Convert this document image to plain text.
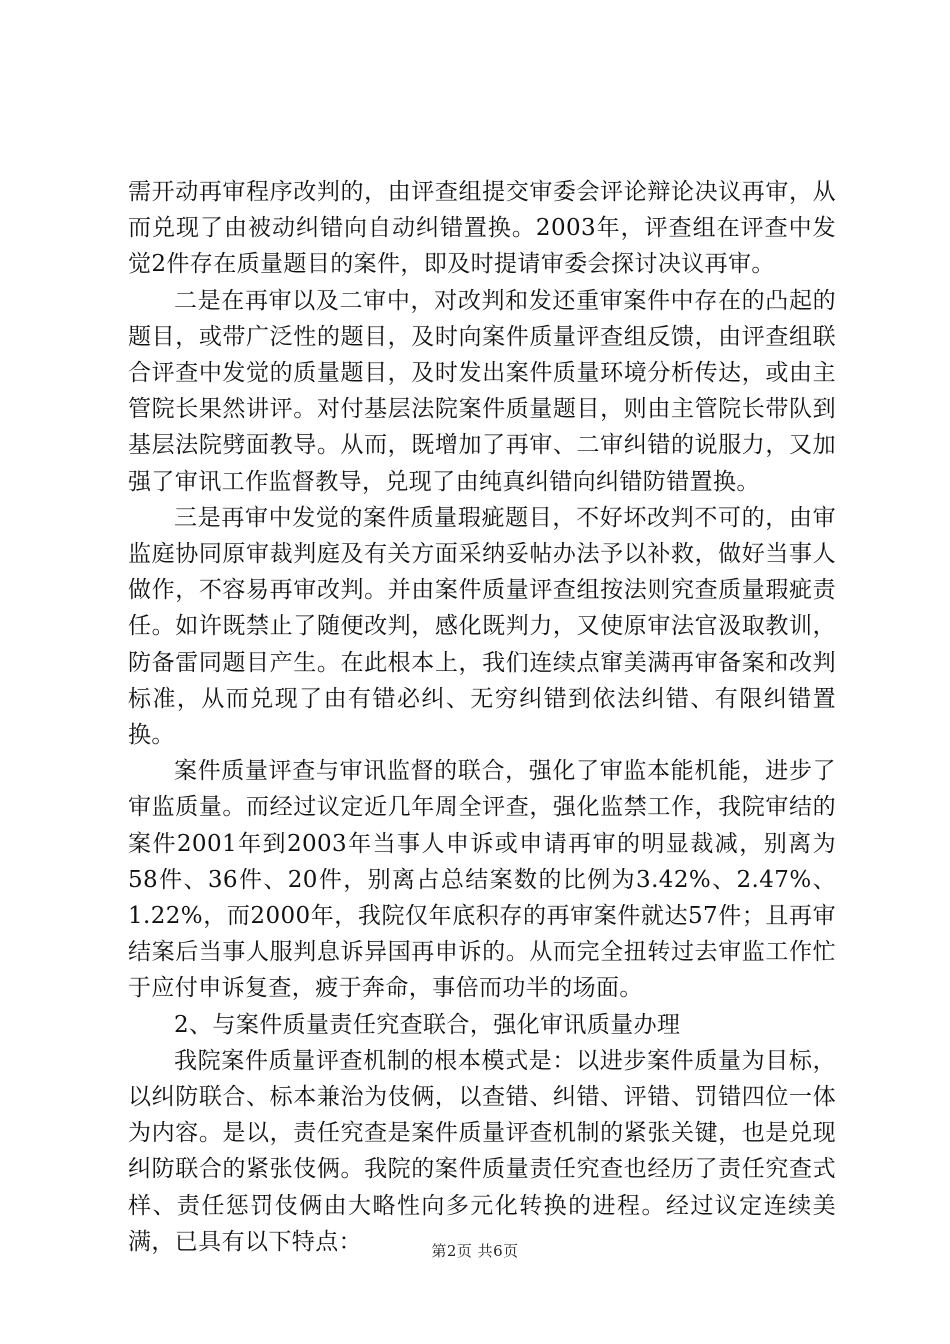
需开动再审程序改判的，由评查组提交审委会评论辩论决议再审，从而兑现了由被动纠错向自动纠错置换。2003年，评查组在评查中发觉2件存在质量题目的案件，即及时提请审委会探讨决议再审。

二是在再审以及二审中，对改判和发还重审案件中存在的凸起的题目，或带广泛性的题目，及时向案件质量评查组反馈，由评查组联合评查中发觉的质量题目，及时发出案件质量环境分析传达，或由主管院长果然讲评。对付基层法院案件质量题目，则由主管院长带队到基层法院劈面教导。从而，既增加了再审、二审纠错的说服力，又加强了审讯工作监督教导，兑现了由纯真纠错向纠错防错置换。

三是再审中发觉的案件质量瑕疵题目，不好坏改判不可的，由审监庭协同原审裁判庭及有关方面采纳妥帖办法予以补救，做好当事人做作，不容易再审改判。并由案件质量评查组按法则究查质量瑕疵责任。如许既禁止了随便改判，感化既判力，又使原审法官汲取教训，防备雷同题目产生。在此根本上，我们连续点窜美满再审备案和改判标准，从而兑现了由有错必纠、无穷纠错到依法纠错、有限纠错置换。

案件质量评查与审讯监督的联合，强化了审监本能机能，进步了审监质量。而经过议定近几年周全评查，强化监禁工作，我院审结的案件2001年到2003年当事人申诉或申请再审的明显裁减，别离为58件、36件、20件，别离占总结案数的比例为3.42%、2.47%、1.22%，而2000年，我院仅年底积存的再审案件就达57件；且再审结案后当事人服判息诉异国再申诉的。从而完全扭转过去审监工作忙于应付申诉复查，疲于奔命，事倍而功半的场面。

2、与案件质量责任究查联合，强化审讯质量办理

我院案件质量评查机制的根本模式是：以进步案件质量为目标，以纠防联合、标本兼治为伎俩，以查错、纠错、评错、罚错四位一体为内容。是以，责任究查是案件质量评查机制的紧张关键，也是兑现纠防联合的紧张伎俩。我院的案件质量责任究查也经历了责任究查式样、责任惩罚伎俩由大略性向多元化转换的进程。经过议定连续美满，已具有以下特点：	第2页 共6页
